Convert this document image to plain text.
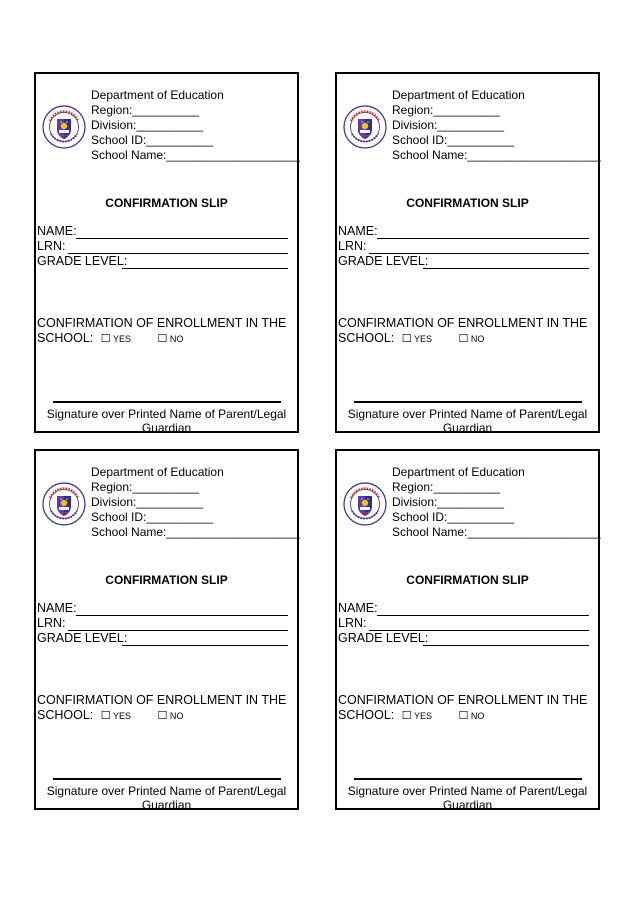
Department of Education
Region:__________
Division:__________
School ID:__________
School Name:____________________
CONFIRMATION SLIP
NAME:
LRN:
GRADE LEVEL:
CONFIRMATION OF ENROLLMENT IN THE
SCHOOL: ☐ YES ☐ NO
Signature over Printed Name of Parent/Legal
Guardian
Department of Education
Region:__________
Division:__________
School ID:__________
School Name:____________________
CONFIRMATION SLIP
NAME:
LRN:
GRADE LEVEL:
CONFIRMATION OF ENROLLMENT IN THE
SCHOOL: ☐ YES ☐ NO
Signature over Printed Name of Parent/Legal
Guardian
Department of Education
Region:__________
Division:__________
School ID:__________
School Name:____________________
CONFIRMATION SLIP
NAME:
LRN:
GRADE LEVEL:
CONFIRMATION OF ENROLLMENT IN THE
SCHOOL: ☐ YES ☐ NO
Signature over Printed Name of Parent/Legal
Guardian
Department of Education
Region:__________
Division:__________
School ID:__________
School Name:____________________
CONFIRMATION SLIP
NAME:
LRN:
GRADE LEVEL:
CONFIRMATION OF ENROLLMENT IN THE
SCHOOL: ☐ YES ☐ NO
Signature over Printed Name of Parent/Legal
Guardian
